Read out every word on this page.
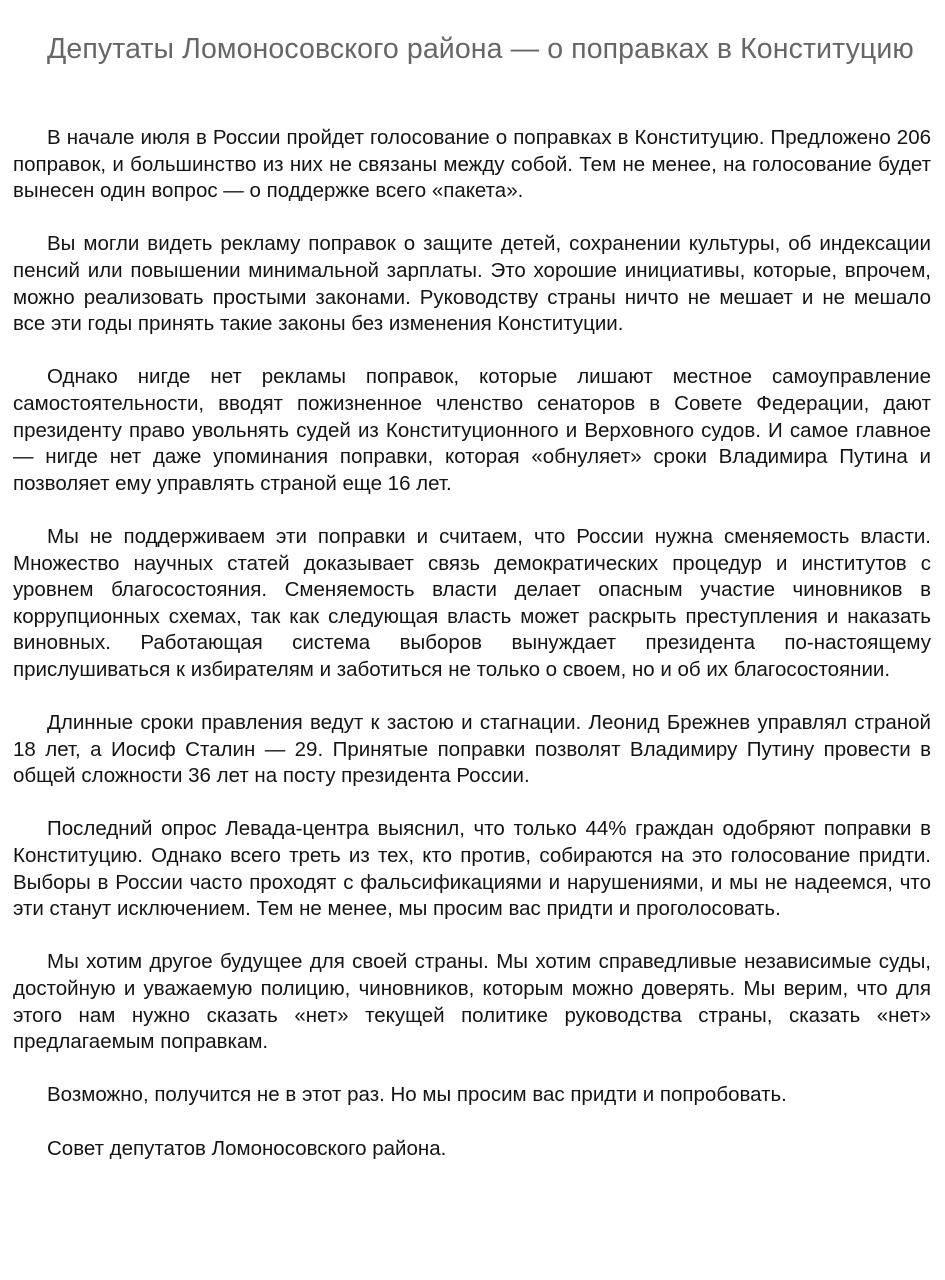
Депутаты Ломоносовского района — о поправках в Конституцию

В начале июля в России пройдет голосование о поправках в Конституцию. Предложено 206 поправок, и большинство из них не связаны между собой. Тем не менее, на голосование будет вынесен один вопрос — о поддержке всего «пакета».

Вы могли видеть рекламу поправок о защите детей, сохранении культуры, об индексации пенсий или повышении минимальной зарплаты. Это хорошие инициативы, которые, впрочем, можно реализовать простыми законами. Руководству страны ничто не мешает и не мешало все эти годы принять такие законы без изменения Конституции.

Однако нигде нет рекламы поправок, которые лишают местное самоуправление самостоятельности, вводят пожизненное членство сенаторов в Совете Федерации, дают президенту право увольнять судей из Конституционного и Верховного судов. И самое главное — нигде нет даже упоминания поправки, которая «обнуляет» сроки Владимира Путина и позволяет ему управлять страной еще 16 лет.

Мы не поддерживаем эти поправки и считаем, что России нужна сменяемость власти. Множество научных статей доказывает связь демократических процедур и институтов с уровнем благосостояния. Сменяемость власти делает опасным участие чиновников в коррупционных схемах, так как следующая власть может раскрыть преступления и наказать виновных. Работающая система выборов вынуждает президента по-настоящему прислушиваться к избирателям и заботиться не только о своем, но и об их благосостоянии.

Длинные сроки правления ведут к застою и стагнации. Леонид Брежнев управлял страной 18 лет, а Иосиф Сталин — 29. Принятые поправки позволят Владимиру Путину провести в общей сложности 36 лет на посту президента России.

Последний опрос Левада-центра выяснил, что только 44% граждан одобряют поправки в Конституцию. Однако всего треть из тех, кто против, собираются на это голосование придти. Выборы в России часто проходят с фальсификациями и нарушениями, и мы не надеемся, что эти станут исключением. Тем не менее, мы просим вас придти и проголосовать.

Мы хотим другое будущее для своей страны. Мы хотим справедливые независимые суды, достойную и уважаемую полицию, чиновников, которым можно доверять. Мы верим, что для этого нам нужно сказать «нет» текущей политике руководства страны, сказать «нет» предлагаемым поправкам.

Возможно, получится не в этот раз. Но мы просим вас придти и попробовать.

Совет депутатов Ломоносовского района.
